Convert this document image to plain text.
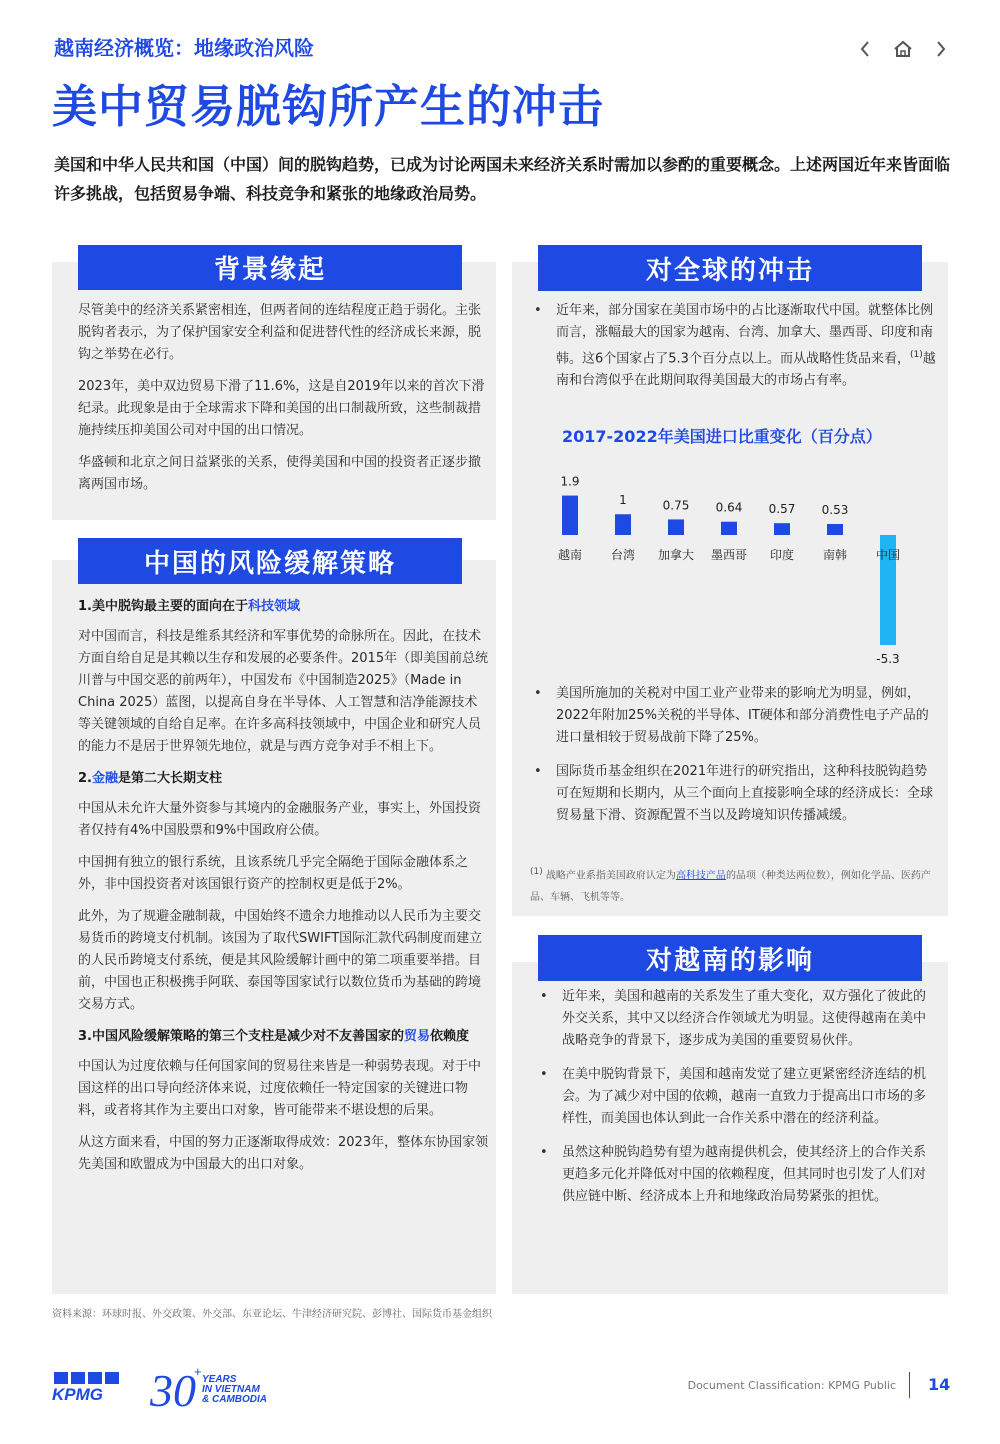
越南经济概览：地缘政治风险
美中贸易脱钩所产生的冲击
美国和中华人民共和国（中国）间的脱钩趋势，已成为讨论两国未来经济关系时需加以参酌的重要概念。上述两国近年来皆面临许多挑战，包括贸易争端、科技竞争和紧张的地缘政治局势。
背景缘起

尽管美中的经济关系紧密相连，但两者间的连结程度正趋于弱化。主张脱钩者表示，为了保护国家安全利益和促进替代性的经济成长来源，脱钩之举势在必行。

2023年，美中双边贸易下滑了11.6%，这是自2019年以来的首次下滑纪录。此现象是由于全球需求下降和美国的出口制裁所致，这些制裁措施持续压抑美国公司对中国的出口情况。

华盛顿和北京之间日益紧张的关系，使得美国和中国的投资者正逐步撤离两国市场。

中国的风险缓解策略
1.美中脱钩最主要的面向在于科技领域

对中国而言，科技是维系其经济和军事优势的命脉所在。因此，在技术方面自给自足是其赖以生存和发展的必要条件。2015年（即美国前总统川普与中国交恶的前两年），中国发布《中国制造2025》（Made in China 2025）蓝图，以提高自身在半导体、人工智慧和洁净能源技术等关键领域的自给自足率。在许多高科技领域中，中国企业和研究人员的能力不是居于世界领先地位，就是与西方竞争对手不相上下。

2.金融是第二大长期支柱

中国从未允许大量外资参与其境内的金融服务产业，事实上，外国投资者仅持有4%中国股票和9%中国政府公债。

中国拥有独立的银行系统，且该系统几乎完全隔绝于国际金融体系之外，非中国投资者对该国银行资产的控制权更是低于2%。

此外，为了规避金融制裁，中国始终不遗余力地推动以人民币为主要交易货币的跨境支付机制。该国为了取代SWIFT国际汇款代码制度而建立的人民币跨境支付系统，便是其风险缓解计画中的第二项重要举措。目前，中国也正积极携手阿联、泰国等国家试行以数位货币为基础的跨境交易方式。

3.中国风险缓解策略的第三个支柱是减少对不友善国家的贸易依赖度

中国认为过度依赖与任何国家间的贸易往来皆是一种弱势表现。对于中国这样的出口导向经济体来说，过度依赖任一特定国家的关键进口物料，或者将其作为主要出口对象，皆可能带来不堪设想的后果。

从这方面来看，中国的努力正逐渐取得成效：2023年，整体东协国家领先美国和欧盟成为中国最大的出口对象。

对全球的冲击
• 近年来，部分国家在美国市场中的占比逐渐取代中国。就整体比例而言，涨幅最大的国家为越南、台湾、加拿大、墨西哥、印度和南韩。这6个国家占了5.3个百分点以上。而从战略性货品来看，$^{(1)}$越南和台湾似乎在此期间取得美国最大的市场占有率。
2017-2022年美国进口比重变化（百分点）
1.9
越南
1
台湾
0.75
加拿大
0.64
墨西哥
0.57
印度
0.53
南韩
-5.3
中国
• 美国所施加的关税对中国工业产业带来的影响尤为明显，例如，2022年附加25%关税的半导体、IT硬体和部分消费性电子产品的进口量相较于贸易战前下降了25%。
• 国际货币基金组织在2021年进行的研究指出，这种科技脱钩趋势可在短期和长期内，从三个面向上直接影响全球的经济成长：全球贸易量下滑、资源配置不当以及跨境知识传播减缓。
$^{(1)}$ 战略产业系指美国政府认定为高科技产品的品项（种类达两位数），例如化学品、医药产品、车辆、飞机等等。
对越南的影响
• 近年来，美国和越南的关系发生了重大变化，双方强化了彼此的外交关系，其中又以经济合作领域尤为明显。这使得越南在美中战略竞争的背景下，逐步成为美国的重要贸易伙伴。
• 在美中脱钩背景下，美国和越南发觉了建立更紧密经济连结的机会。为了减少对中国的依赖，越南一直致力于提高出口市场的多样性，而美国也体认到此一合作关系中潜在的经济利益。
• 虽然这种脱钩趋势有望为越南提供机会，使其经济上的合作关系更趋多元化并降低对中国的依赖程度，但其同时也引发了人们对供应链中断、经济成本上升和地缘政治局势紧张的担忧。
资料来源：环球时报、外交政策、外交部、东亚论坛、牛津经济研究院、彭博社、国际货币基金组织
KPMG 30
+
YEARS
IN VIETNAM
& CAMBODIA
Document Classification: KPMG Public 14
